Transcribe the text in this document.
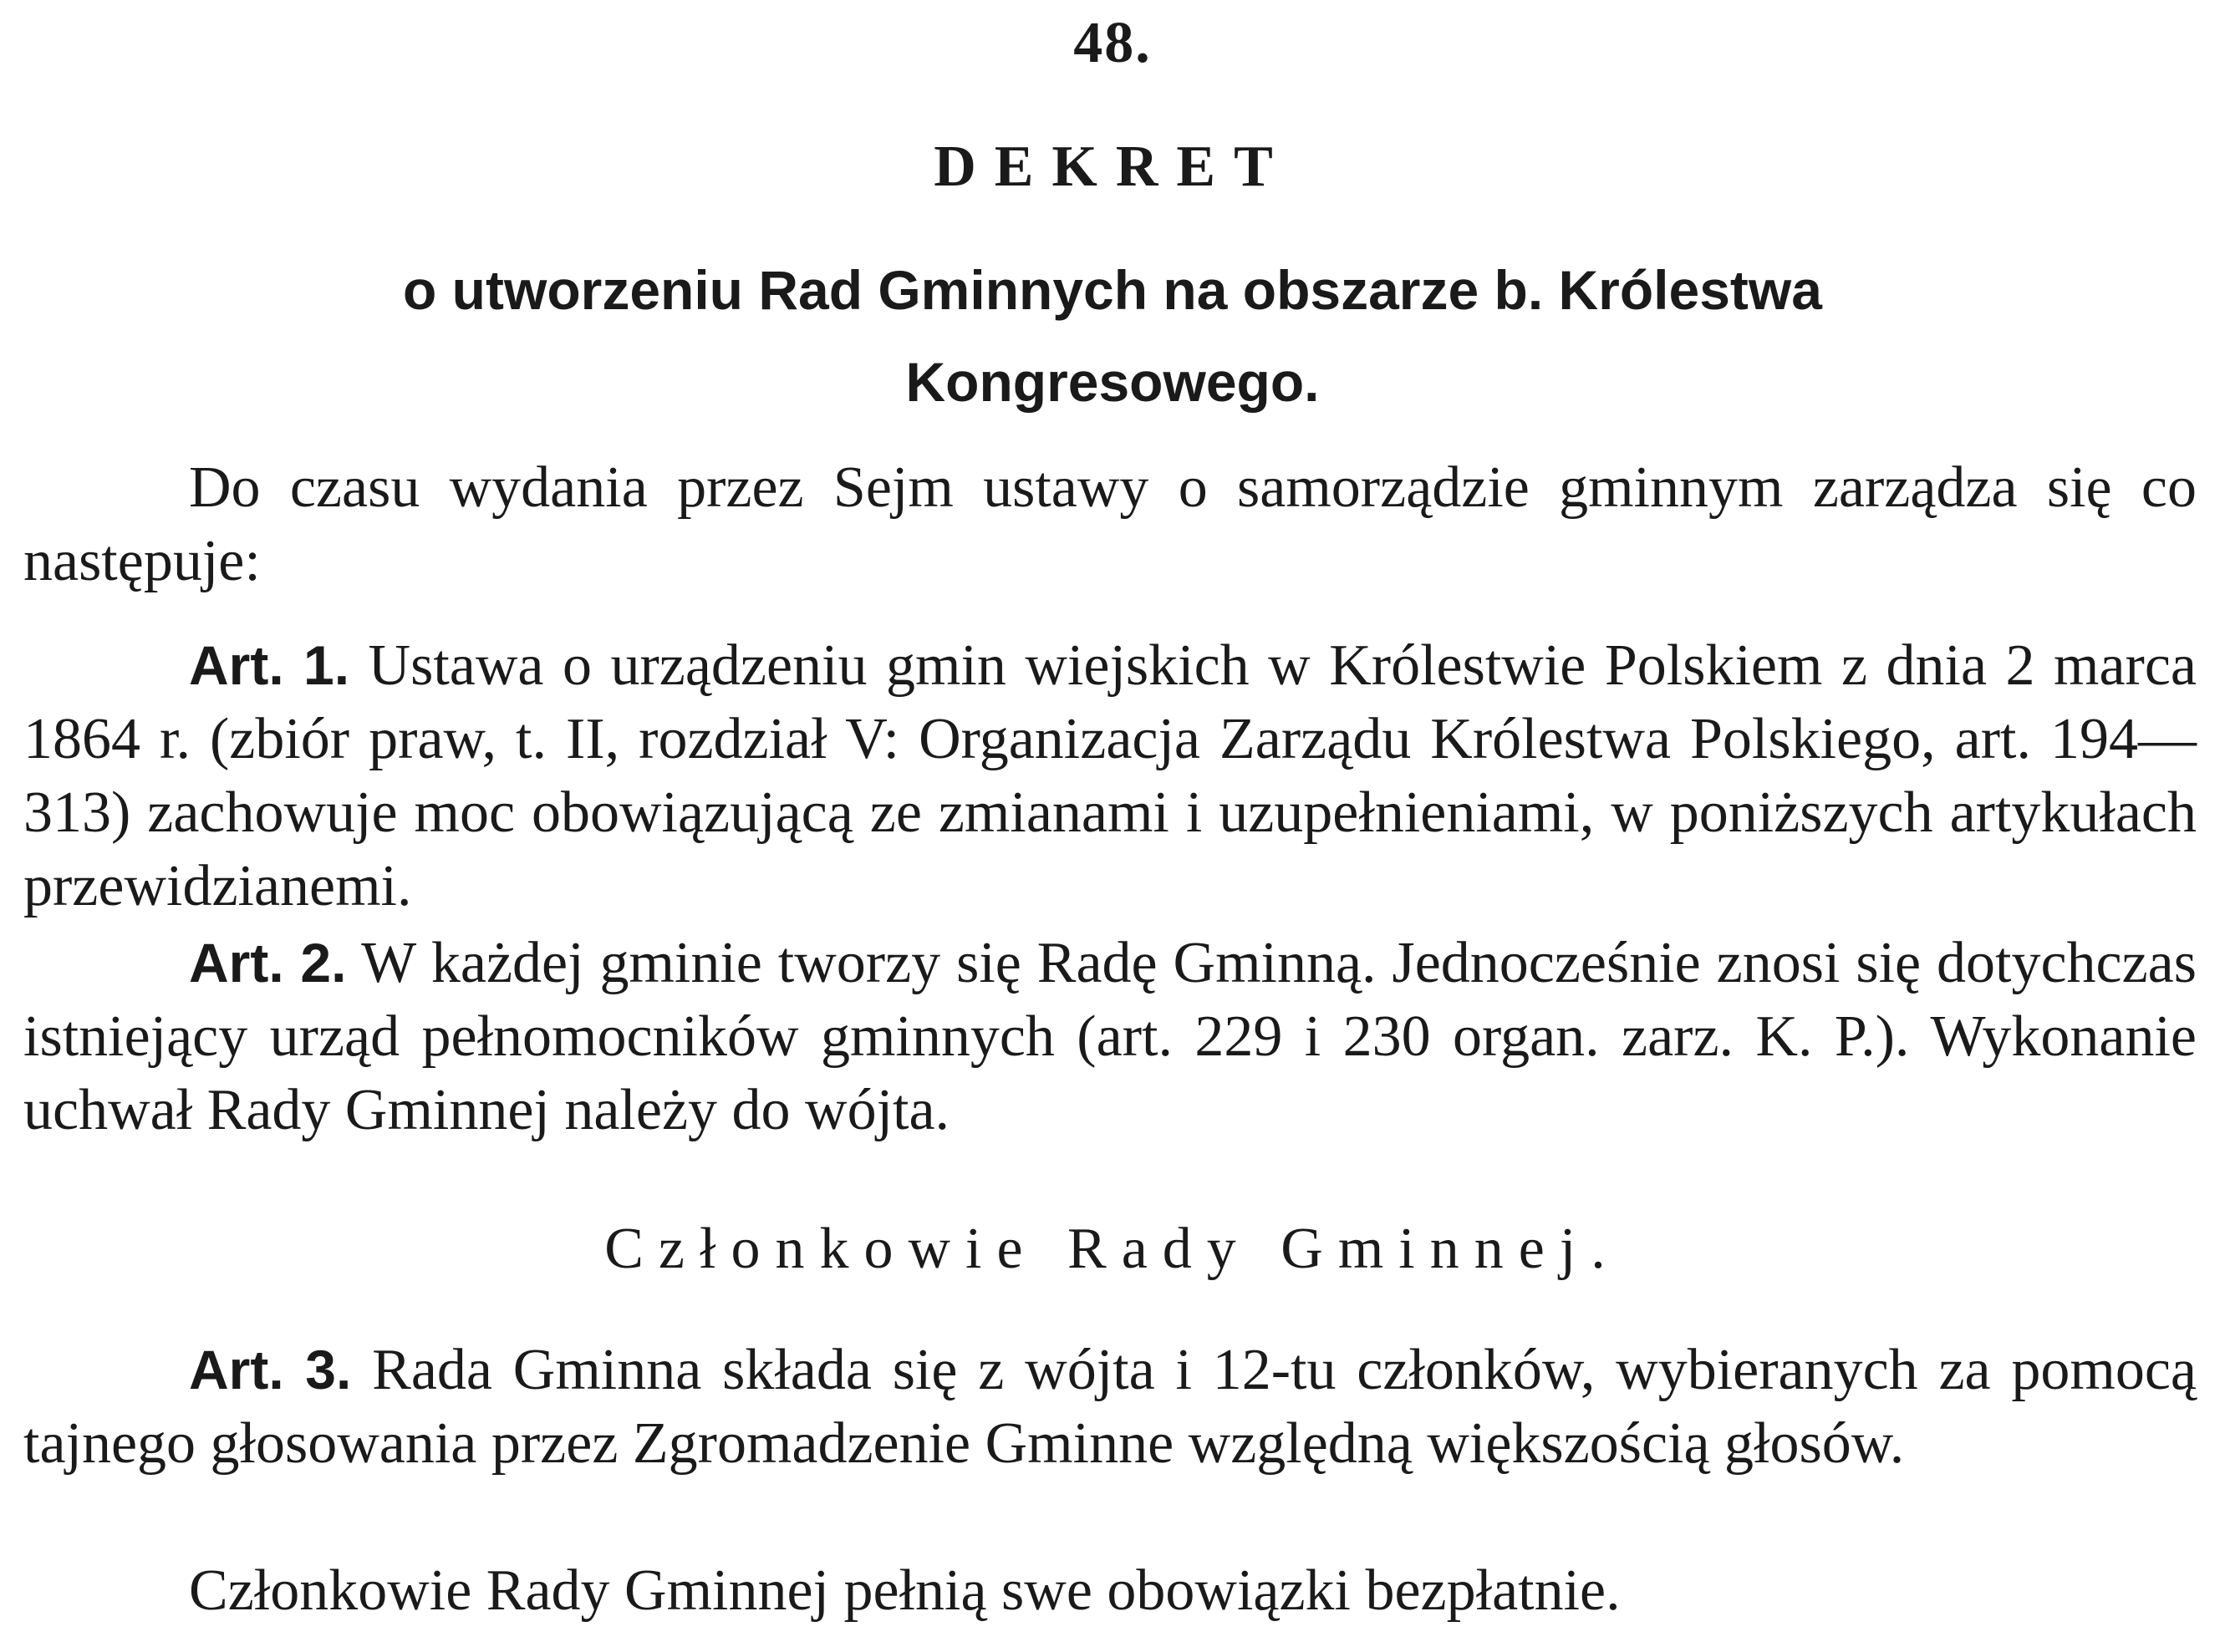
48.
DEKRET
o utworzeniu Rad Gminnych na obszarze b. Królestwa Kongresowego.

Do czasu wydania przez Sejm ustawy o samorządzie gminnym zarządza się co następuje:

Art. 1. Ustawa o urządzeniu gmin wiejskich w Królestwie Polskiem z dnia 2 marca 1864 r. (zbiór praw, t. II, rozdział V: Organizacja Zarządu Królestwa Polskiego, art. 194—313) zachowuje moc obowiązującą ze zmianami i uzupełnieniami, w poniższych artykułach przewidzianemi.

Art. 2. W każdej gminie tworzy się Radę Gminną. Jednocześnie znosi się dotychczas istniejący urząd pełnomocników gminnych (art. 229 i 230 organ. zarz. K. P.). Wykonanie uchwał Rady Gminnej należy do wójta.

Członkowie Rady Gminnej.

Art. 3. Rada Gminna składa się z wójta i 12-tu członków, wybieranych za pomocą tajnego głosowania przez Zgromadzenie Gminne względną większością głosów.

Członkowie Rady Gminnej pełnią swe obowiązki bezpłatnie.
